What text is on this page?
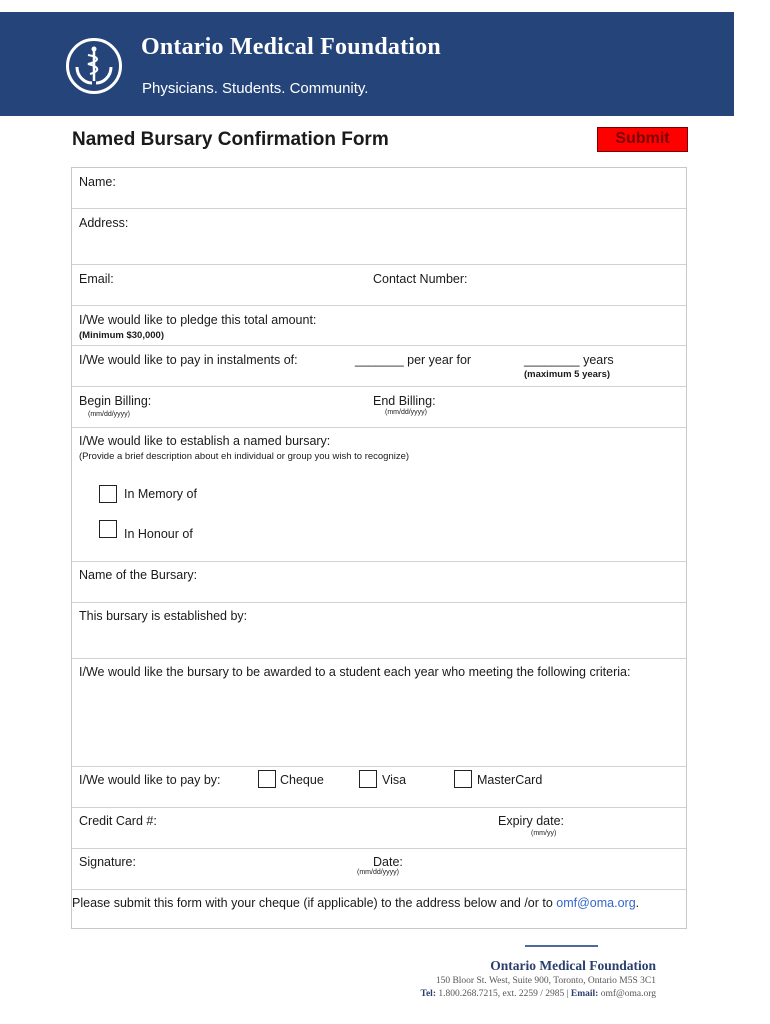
Ontario Medical Foundation
Physicians. Students. Community.
Named Bursary Confirmation Form	Submit
Name:
Address:
Email:	Contact Number:
I/We would like to pledge this total amount:
(Minimum $30,000)
I/We would like to pay in instalments of:	_______ per year for	________ years
(maximum 5 years)
Begin Billing:
(mm/dd/yyyy)
End Billing:
(mm/dd/yyyy)
I/We would like to establish a named bursary:
(Provide a brief description about eh individual or group you wish to recognize)
In Memory of
In Honour of
Name of the Bursary:
This bursary is established by:
I/We would like the bursary to be awarded to a student each year who meeting the following criteria:
I/We would like to pay by:	Cheque	Visa	MasterCard
Credit Card #:	Expiry date:
(mm/yy)
Signature:	Date:
(mm/dd/yyyy)
Please submit this form with your cheque (if applicable) to the address below and /or to omf@oma.org.
Ontario Medical Foundation
150 Bloor St. West, Suite 900, Toronto, Ontario M5S 3C1
Tel: 1.800.268.7215, ext. 2259 / 2985 | Email: omf@oma.org
